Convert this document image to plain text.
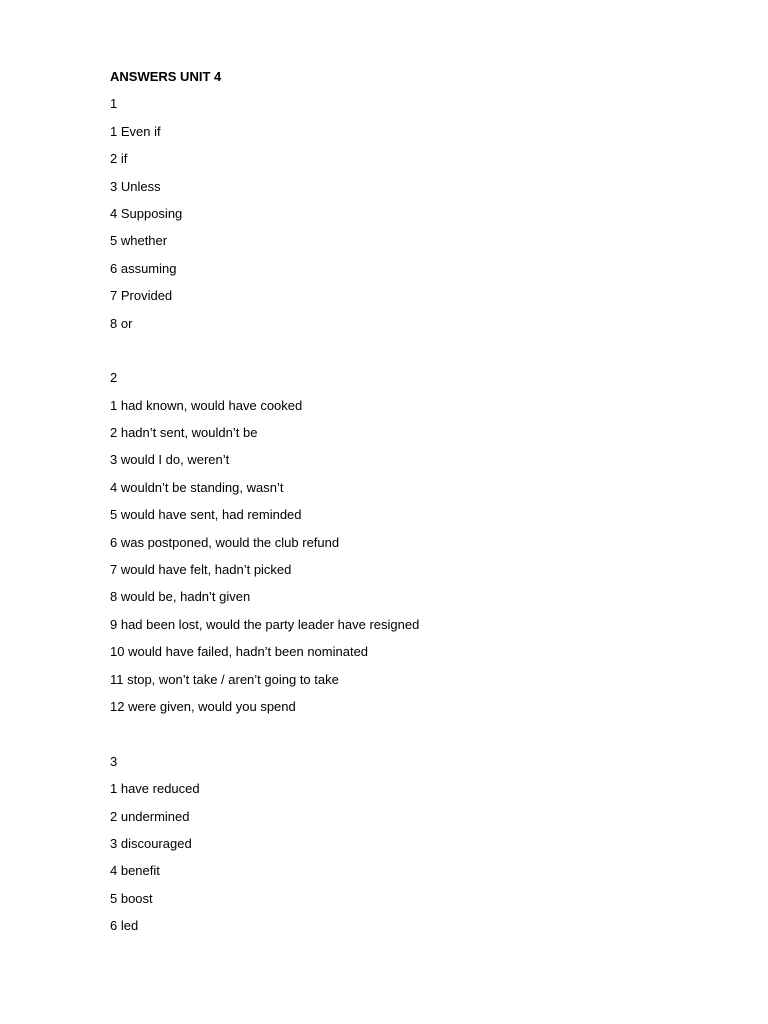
ANSWERS UNIT 4
1
1 Even if
2 if
3 Unless
4 Supposing
5 whether
6 assuming
7 Provided
8 or
2
1 had known, would have cooked
2 hadn’t sent, wouldn’t be
3 would I do, weren’t
4 wouldn’t be standing, wasn’t
5 would have sent, had reminded
6 was postponed, would the club refund
7 would have felt, hadn’t picked
8 would be, hadn’t given
9 had been lost, would the party leader have resigned
10 would have failed, hadn’t been nominated
11 stop, won’t take / aren’t going to take
12 were given, would you spend
3
1 have reduced
2 undermined
3 discouraged
4 benefit
5 boost
6 led
